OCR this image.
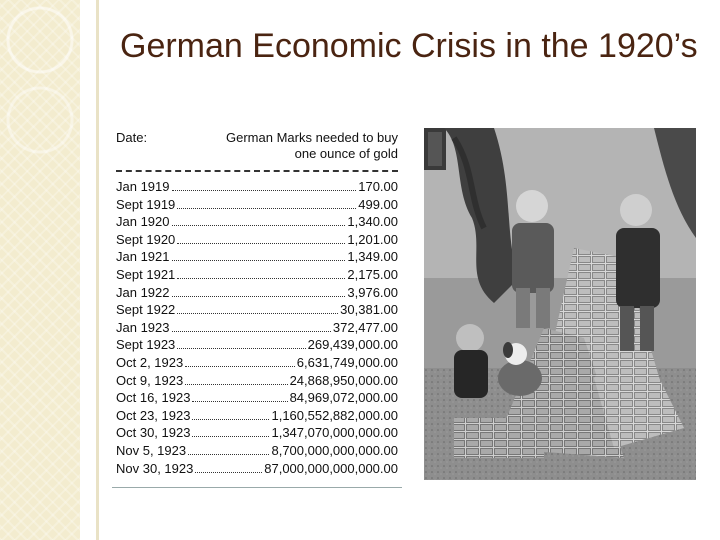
German Economic Crisis in the 1920’s
Date:	German Marks needed to buy one ounce of gold
Jan 1919	170.00
Sept 1919	499.00
Jan 1920	1,340.00
Sept 1920	1,201.00
Jan 1921	1,349.00
Sept 1921	2,175.00
Jan 1922	3,976.00
Sept 1922	30,381.00
Jan 1923	372,477.00
Sept 1923	269,439,000.00
Oct 2, 1923	6,631,749,000.00
Oct 9, 1923	24,868,950,000.00
Oct 16, 1923	84,969,072,000.00
Oct 23, 1923	1,160,552,882,000.00
Oct 30, 1923	1,347,070,000,000.00
Nov 5, 1923	8,700,000,000,000.00
Nov 30, 1923	87,000,000,000,000.00
